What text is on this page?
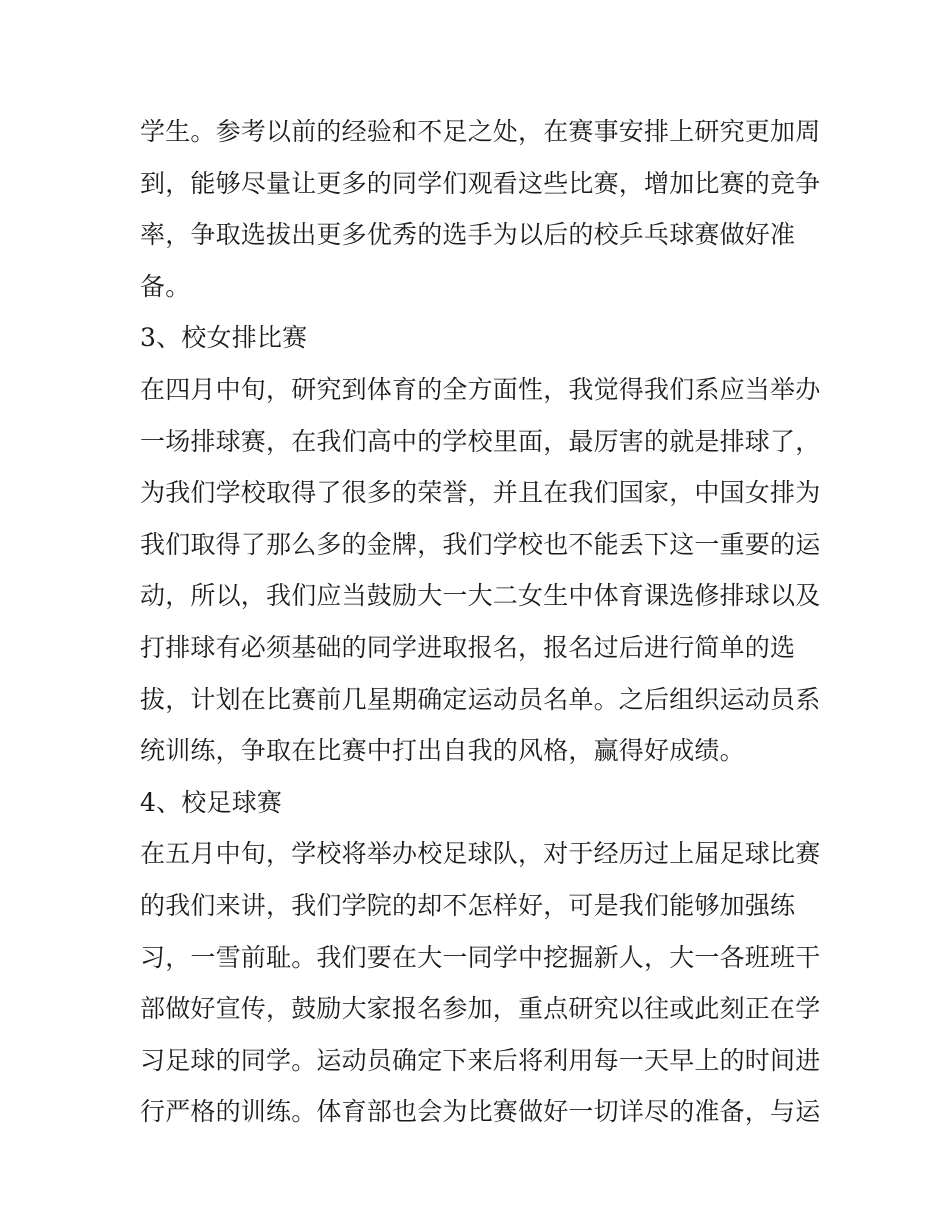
学生。参考以前的经验和不足之处，在赛事安排上研究更加周
到，能够尽量让更多的同学们观看这些比赛，增加比赛的竞争
率，争取选拔出更多优秀的选手为以后的校乒乓球赛做好准
备。
3、校女排比赛
在四月中旬，研究到体育的全方面性，我觉得我们系应当举办
一场排球赛，在我们高中的学校里面，最厉害的就是排球了，
为我们学校取得了很多的荣誉，并且在我们国家，中国女排为
我们取得了那么多的金牌，我们学校也不能丢下这一重要的运
动，所以，我们应当鼓励大一大二女生中体育课选修排球以及
打排球有必须基础的同学进取报名，报名过后进行简单的选
拔，计划在比赛前几星期确定运动员名单。之后组织运动员系
统训练，争取在比赛中打出自我的风格，赢得好成绩。
4、校足球赛
在五月中旬，学校将举办校足球队，对于经历过上届足球比赛
的我们来讲，我们学院的却不怎样好，可是我们能够加强练
习，一雪前耻。我们要在大一同学中挖掘新人，大一各班班干
部做好宣传，鼓励大家报名参加，重点研究以往或此刻正在学
习足球的同学。运动员确定下来后将利用每一天早上的时间进
行严格的训练。体育部也会为比赛做好一切详尽的准备，与运
